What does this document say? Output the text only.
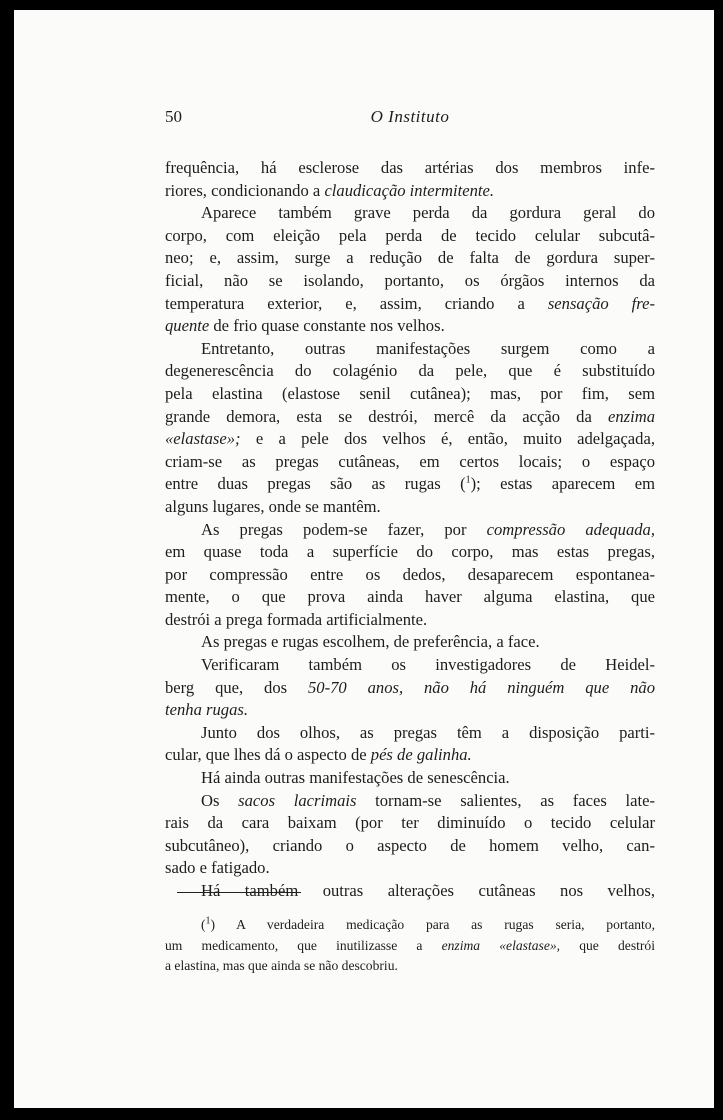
O Instituto
50
frequência, há esclerose das artérias dos membros infe-
riores, condicionando a claudicação intermitente.
Aparece também grave perda da gordura geral do
corpo, com eleição pela perda de tecido celular subcutâ-
neo; e, assim, surge a redução de falta de gordura super-
ficial, não se isolando, portanto, os órgãos internos da
temperatura exterior, e, assim, criando a sensação fre-
quente de frio quase constante nos velhos.
Entretanto, outras manifestações surgem como a
degenerescência do colagénio da pele, que é substituído
pela elastina (elastose senil cutânea); mas, por fim, sem
grande demora, esta se destrói, mercê da acção da enzima
«elastase»; e a pele dos velhos é, então, muito adelgaçada,
criam-se as pregas cutâneas, em certos locais; o espaço
entre duas pregas são as rugas ($^1$); estas aparecem em
alguns lugares, onde se mantêm.
As pregas podem-se fazer, por compressão adequada,
em quase toda a superfície do corpo, mas estas pregas,
por compressão entre os dedos, desaparecem espontanea-
mente, o que prova ainda haver alguma elastina, que
destrói a prega formada artificialmente.
As pregas e rugas escolhem, de preferência, a face.
Verificaram também os investigadores de Heidel-
berg que, dos 50-70 anos, não há ninguém que não
tenha rugas.
Junto dos olhos, as pregas têm a disposição parti-
cular, que lhes dá o aspecto de pés de galinha.
Há ainda outras manifestações de senescência.
Os sacos lacrimais tornam-se salientes, as faces late-
rais da cara baixam (por ter diminuído o tecido celular
subcutâneo), criando o aspecto de homem velho, can-
sado e fatigado.
Há também outras alterações cutâneas nos velhos,
($^1$) A verdadeira medicação para as rugas seria, portanto,
um medicamento, que inutilizasse a enzima «elastase», que destrói
a elastina, mas que ainda se não descobriu.
